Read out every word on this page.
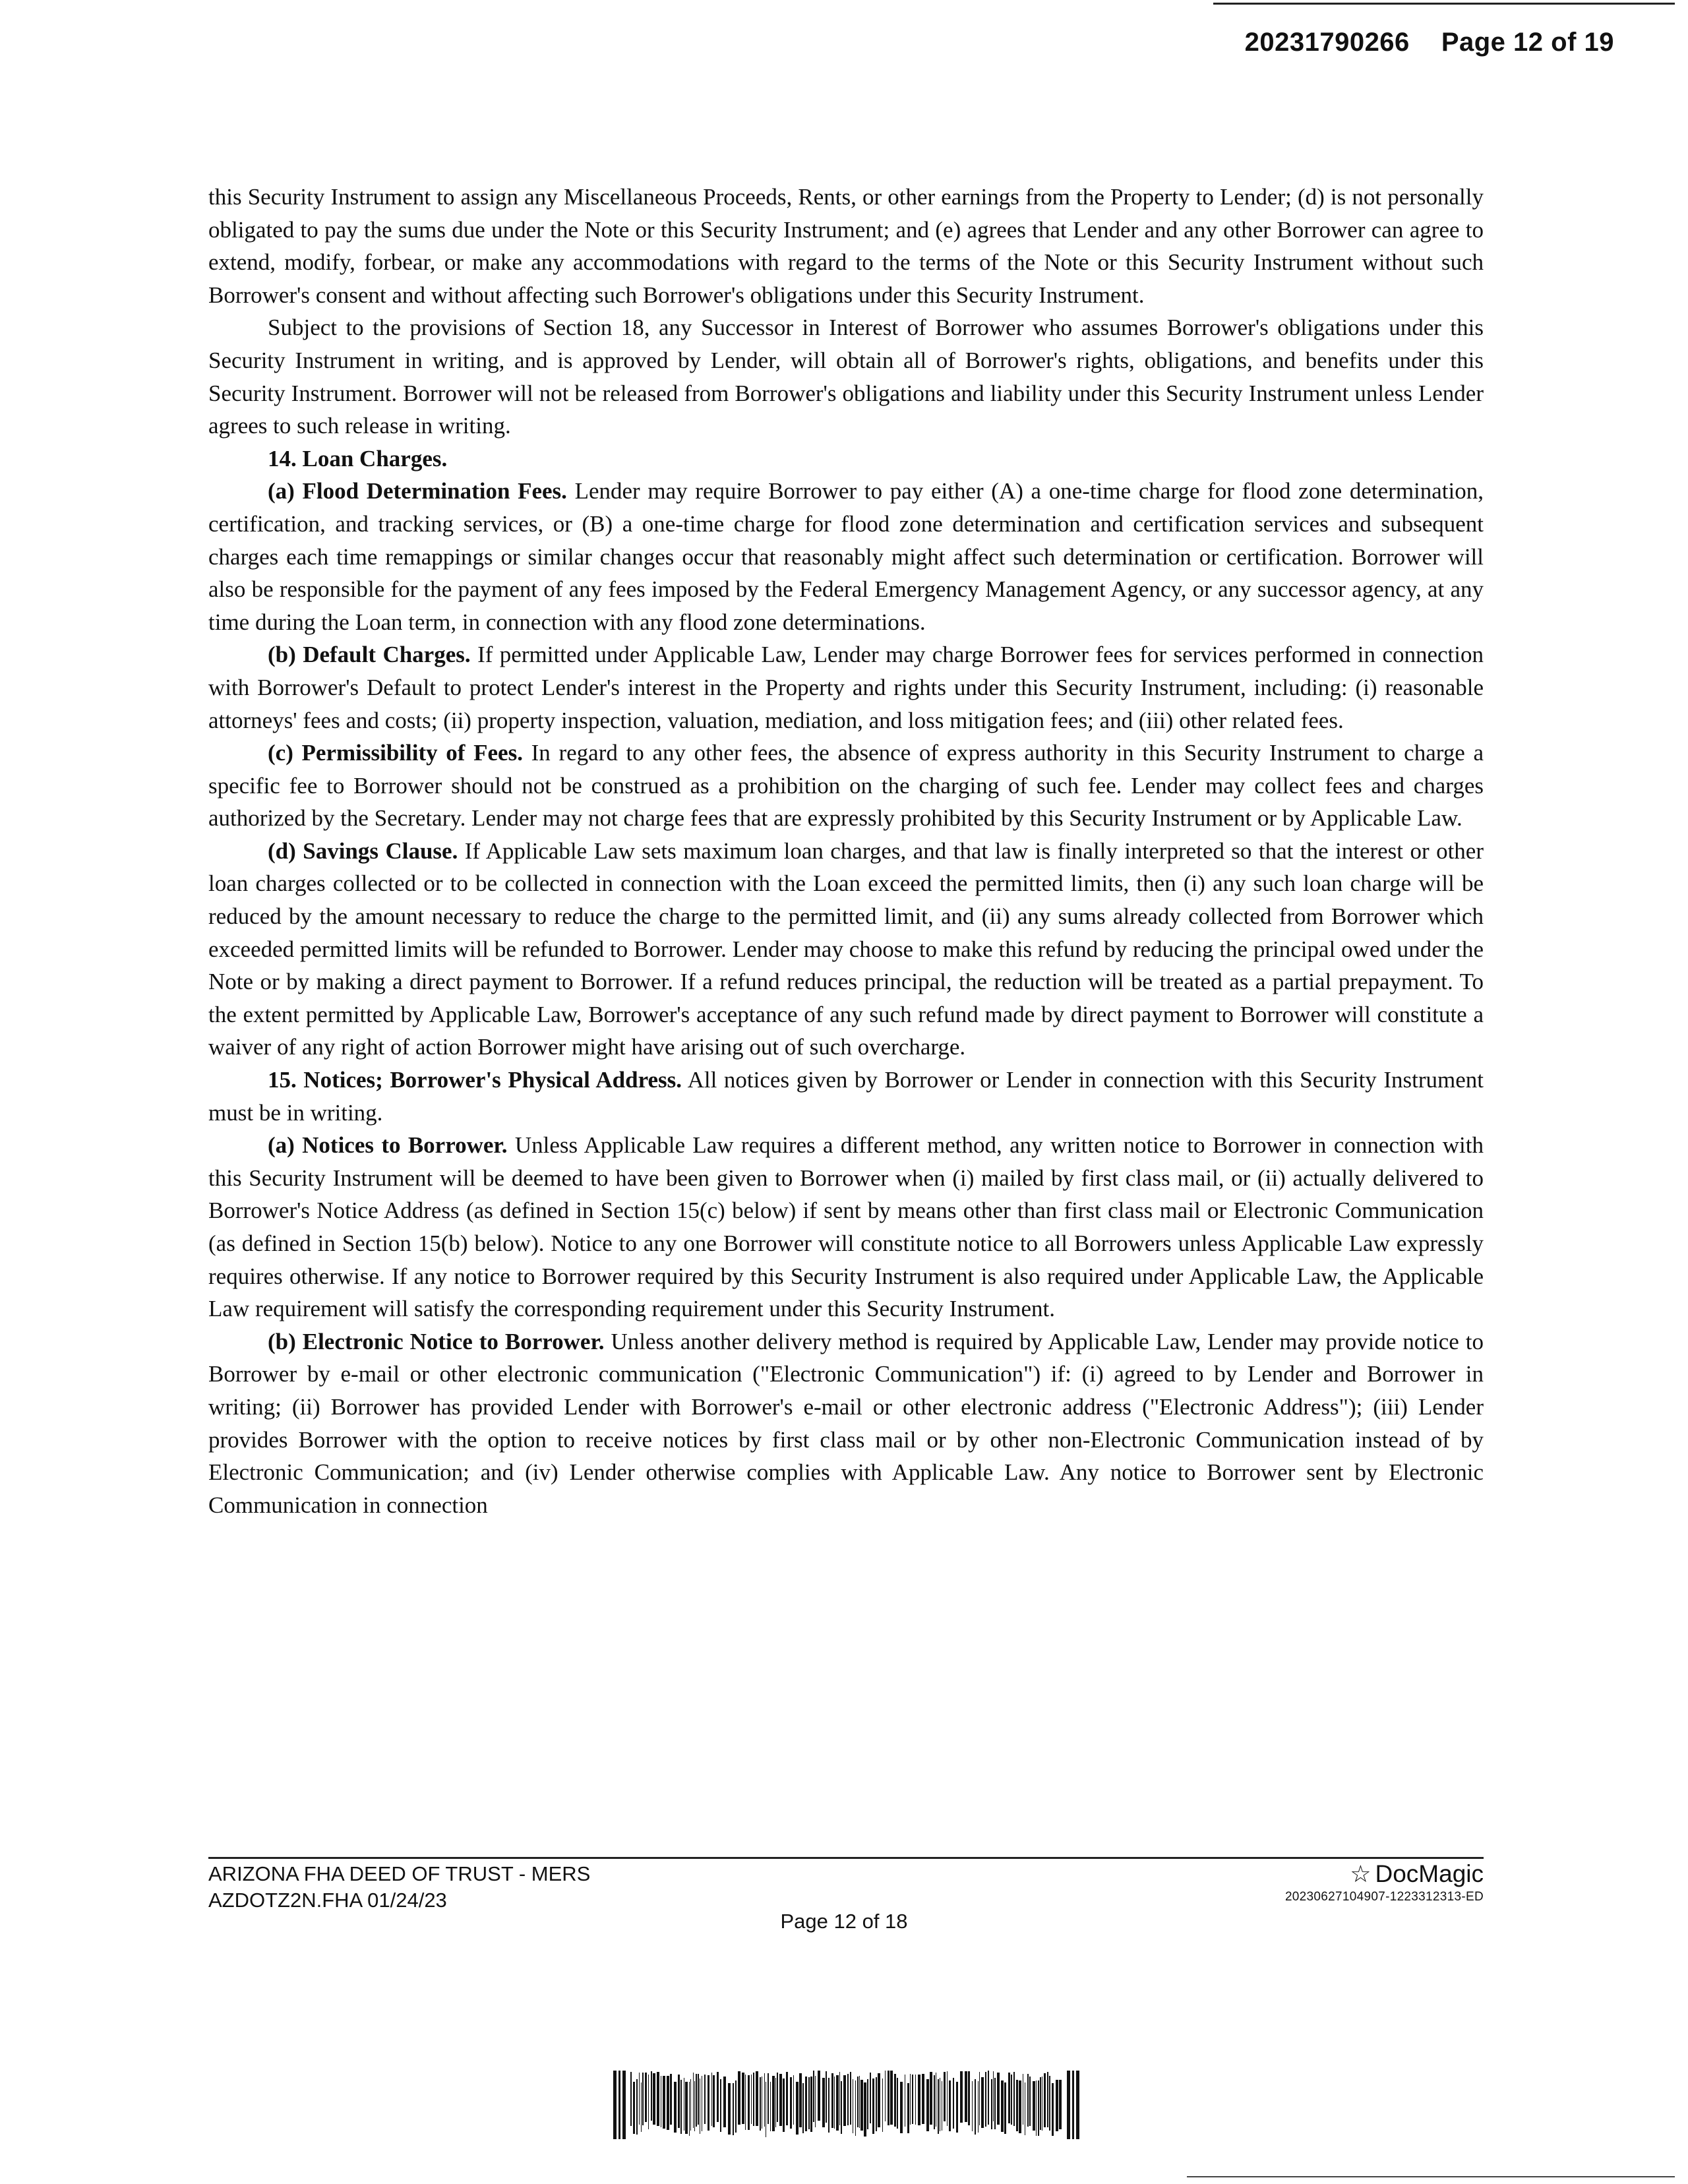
20231790266 Page 12 of 19

this Security Instrument to assign any Miscellaneous Proceeds, Rents, or other earnings from the Property to Lender; (d) is not personally obligated to pay the sums due under the Note or this Security Instrument; and (e) agrees that Lender and any other Borrower can agree to extend, modify, forbear, or make any accommodations with regard to the terms of the Note or this Security Instrument without such Borrower's consent and without affecting such Borrower's obligations under this Security Instrument.

Subject to the provisions of Section 18, any Successor in Interest of Borrower who assumes Borrower's obligations under this Security Instrument in writing, and is approved by Lender, will obtain all of Borrower's rights, obligations, and benefits under this Security Instrument. Borrower will not be released from Borrower's obligations and liability under this Security Instrument unless Lender agrees to such release in writing.

14. Loan Charges.

(a) Flood Determination Fees. Lender may require Borrower to pay either (A) a one-time charge for flood zone determination, certification, and tracking services, or (B) a one-time charge for flood zone determination and certification services and subsequent charges each time remappings or similar changes occur that reasonably might affect such determination or certification. Borrower will also be responsible for the payment of any fees imposed by the Federal Emergency Management Agency, or any successor agency, at any time during the Loan term, in connection with any flood zone determinations.

(b) Default Charges. If permitted under Applicable Law, Lender may charge Borrower fees for services performed in connection with Borrower's Default to protect Lender's interest in the Property and rights under this Security Instrument, including: (i) reasonable attorneys' fees and costs; (ii) property inspection, valuation, mediation, and loss mitigation fees; and (iii) other related fees.

(c) Permissibility of Fees. In regard to any other fees, the absence of express authority in this Security Instrument to charge a specific fee to Borrower should not be construed as a prohibition on the charging of such fee. Lender may collect fees and charges authorized by the Secretary. Lender may not charge fees that are expressly prohibited by this Security Instrument or by Applicable Law.

(d) Savings Clause. If Applicable Law sets maximum loan charges, and that law is finally interpreted so that the interest or other loan charges collected or to be collected in connection with the Loan exceed the permitted limits, then (i) any such loan charge will be reduced by the amount necessary to reduce the charge to the permitted limit, and (ii) any sums already collected from Borrower which exceeded permitted limits will be refunded to Borrower. Lender may choose to make this refund by reducing the principal owed under the Note or by making a direct payment to Borrower. If a refund reduces principal, the reduction will be treated as a partial prepayment. To the extent permitted by Applicable Law, Borrower's acceptance of any such refund made by direct payment to Borrower will constitute a waiver of any right of action Borrower might have arising out of such overcharge.

15. Notices; Borrower's Physical Address. All notices given by Borrower or Lender in connection with this Security Instrument must be in writing.

(a) Notices to Borrower. Unless Applicable Law requires a different method, any written notice to Borrower in connection with this Security Instrument will be deemed to have been given to Borrower when (i) mailed by first class mail, or (ii) actually delivered to Borrower's Notice Address (as defined in Section 15(c) below) if sent by means other than first class mail or Electronic Communication (as defined in Section 15(b) below). Notice to any one Borrower will constitute notice to all Borrowers unless Applicable Law expressly requires otherwise. If any notice to Borrower required by this Security Instrument is also required under Applicable Law, the Applicable Law requirement will satisfy the corresponding requirement under this Security Instrument.

(b) Electronic Notice to Borrower. Unless another delivery method is required by Applicable Law, Lender may provide notice to Borrower by e-mail or other electronic communication ("Electronic Communication") if: (i) agreed to by Lender and Borrower in writing; (ii) Borrower has provided Lender with Borrower's e-mail or other electronic address ("Electronic Address"); (iii) Lender provides Borrower with the option to receive notices by first class mail or by other non-Electronic Communication instead of by Electronic Communication; and (iv) Lender otherwise complies with Applicable Law. Any notice to Borrower sent by Electronic Communication in connection

ARIZONA FHA DEED OF TRUST - MERS
AZDOTZ2N.FHA 01/24/23
Page 12 of 18
☆ DocMagic
20230627104907-1223312313-ED
